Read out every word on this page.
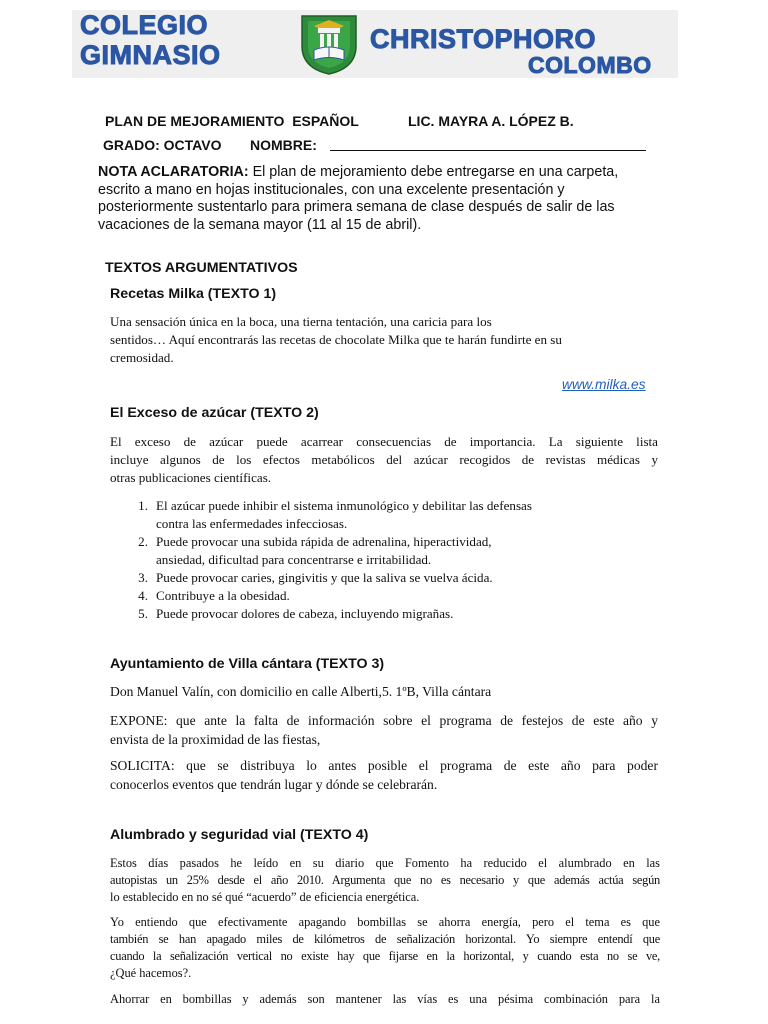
COLEGIO
GIMNASIO
CHRISTOPHORO
COLOMBO
PLAN DE MEJORAMIENTO  ESPAÑOL	LIC. MAYRA A. LÓPEZ B.
GRADO: OCTAVO NOMBRE:
NOTA ACLARATORIA: El plan de mejoramiento debe entregarse en una carpeta,
escrito a mano en hojas institucionales, con una excelente presentación y
posteriormente sustentarlo para primera semana de clase después de salir de las
vacaciones de la semana mayor (11 al 15 de abril).
TEXTOS ARGUMENTATIVOS
Recetas Milka (TEXTO 1)
Una sensación única en la boca, una tierna tentación, una caricia para los
sentidos… Aquí encontrarás las recetas de chocolate Milka que te harán fundirte en su
cremosidad.
www.milka.es
El Exceso de azúcar (TEXTO 2)
El exceso de azúcar puede acarrear consecuencias de importancia. La siguiente lista
incluye algunos de los efectos metabólicos del azúcar recogidos de revistas médicas y
otras publicaciones científicas.
1. El azúcar puede inhibir el sistema inmunológico y debilitar las defensas
contra las enfermedades infecciosas.
2. Puede provocar una subida rápida de adrenalina, hiperactividad,
ansiedad, dificultad para concentrarse e irritabilidad.
3. Puede provocar caries, gingivitis y que la saliva se vuelva ácida.
4. Contribuye a la obesidad.
5. Puede provocar dolores de cabeza, incluyendo migrañas.
Ayuntamiento de Villa cántara (TEXTO 3)
Don Manuel Valín, con domicilio en calle Alberti,5. 1ºB, Villa cántara
EXPONE: que ante la falta de información sobre el programa de festejos de este año y
envista de la proximidad de las fiestas,
SOLICITA: que se distribuya lo antes posible el programa de este año para poder
conocerlos eventos que tendrán lugar y dónde se celebrarán.
Alumbrado y seguridad vial (TEXTO 4)
Estos días pasados he leído en su diario que Fomento ha reducido el alumbrado en las
autopistas un 25% desde el año 2010. Argumenta que no es necesario y que además actúa según
lo establecido en no sé qué “acuerdo” de eficiencia energética.
Yo entiendo que efectivamente apagando bombillas se ahorra energía, pero el tema es que
también se han apagado miles de kilómetros de señalización horizontal. Yo siempre entendí que
cuando la señalización vertical no existe hay que fijarse en la horizontal, y cuando esta no se ve,
¿Qué hacemos?.
Ahorrar en bombillas y además son mantener las vías es una pésima combinación para la
